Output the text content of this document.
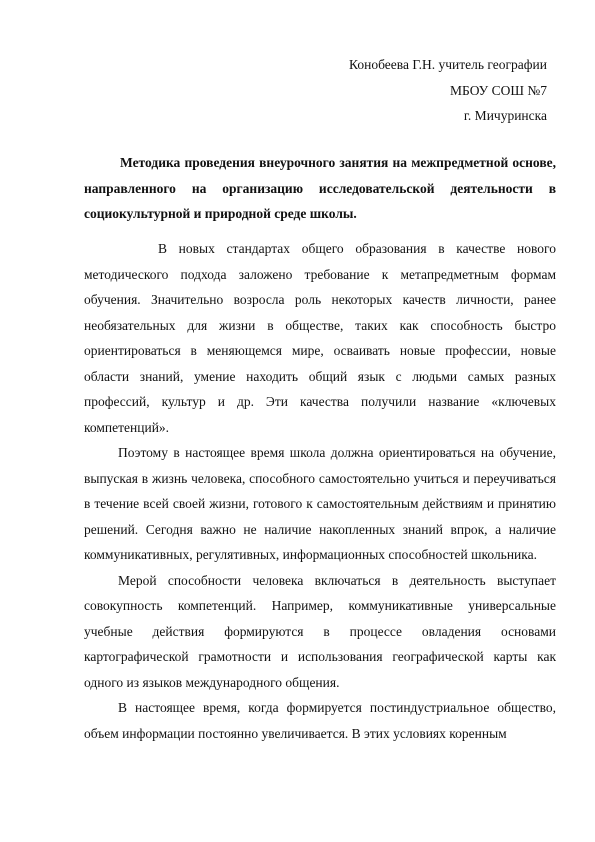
Конобеева Г.Н. учитель географии
МБОУ СОШ №7
г. Мичуринска
Методика проведения внеурочного занятия на межпредметной основе, направленного на организацию исследовательской деятельности в социокультурной и природной среде школы.

В новых стандартах общего образования в качестве нового методического подхода заложено требование к метапредметным формам обучения. Значительно возросла роль некоторых качеств личности, ранее необязательных для жизни в обществе, таких как способность быстро ориентироваться в меняющемся мире, осваивать новые профессии, новые области знаний, умение находить общий язык с людьми самых разных профессий, культур и др. Эти качества получили название «ключевых компетенций».

Поэтому в настоящее время школа должна ориентироваться на обучение, выпуская в жизнь человека, способного самостоятельно учиться и переучиваться в течение всей своей жизни, готового к самостоятельным действиям и принятию решений. Сегодня важно не наличие накопленных знаний впрок, а наличие коммуникативных, регулятивных, информационных способностей школьника.

Мерой способности человека включаться в деятельность выступает совокупность компетенций. Например, коммуникативные универсальные учебные действия формируются в процессе овладения основами картографической грамотности и использования географической карты как одного из языков международного общения.

В настоящее время, когда формируется постиндустриальное общество, объем информации постоянно увеличивается. В этих условиях коренным
